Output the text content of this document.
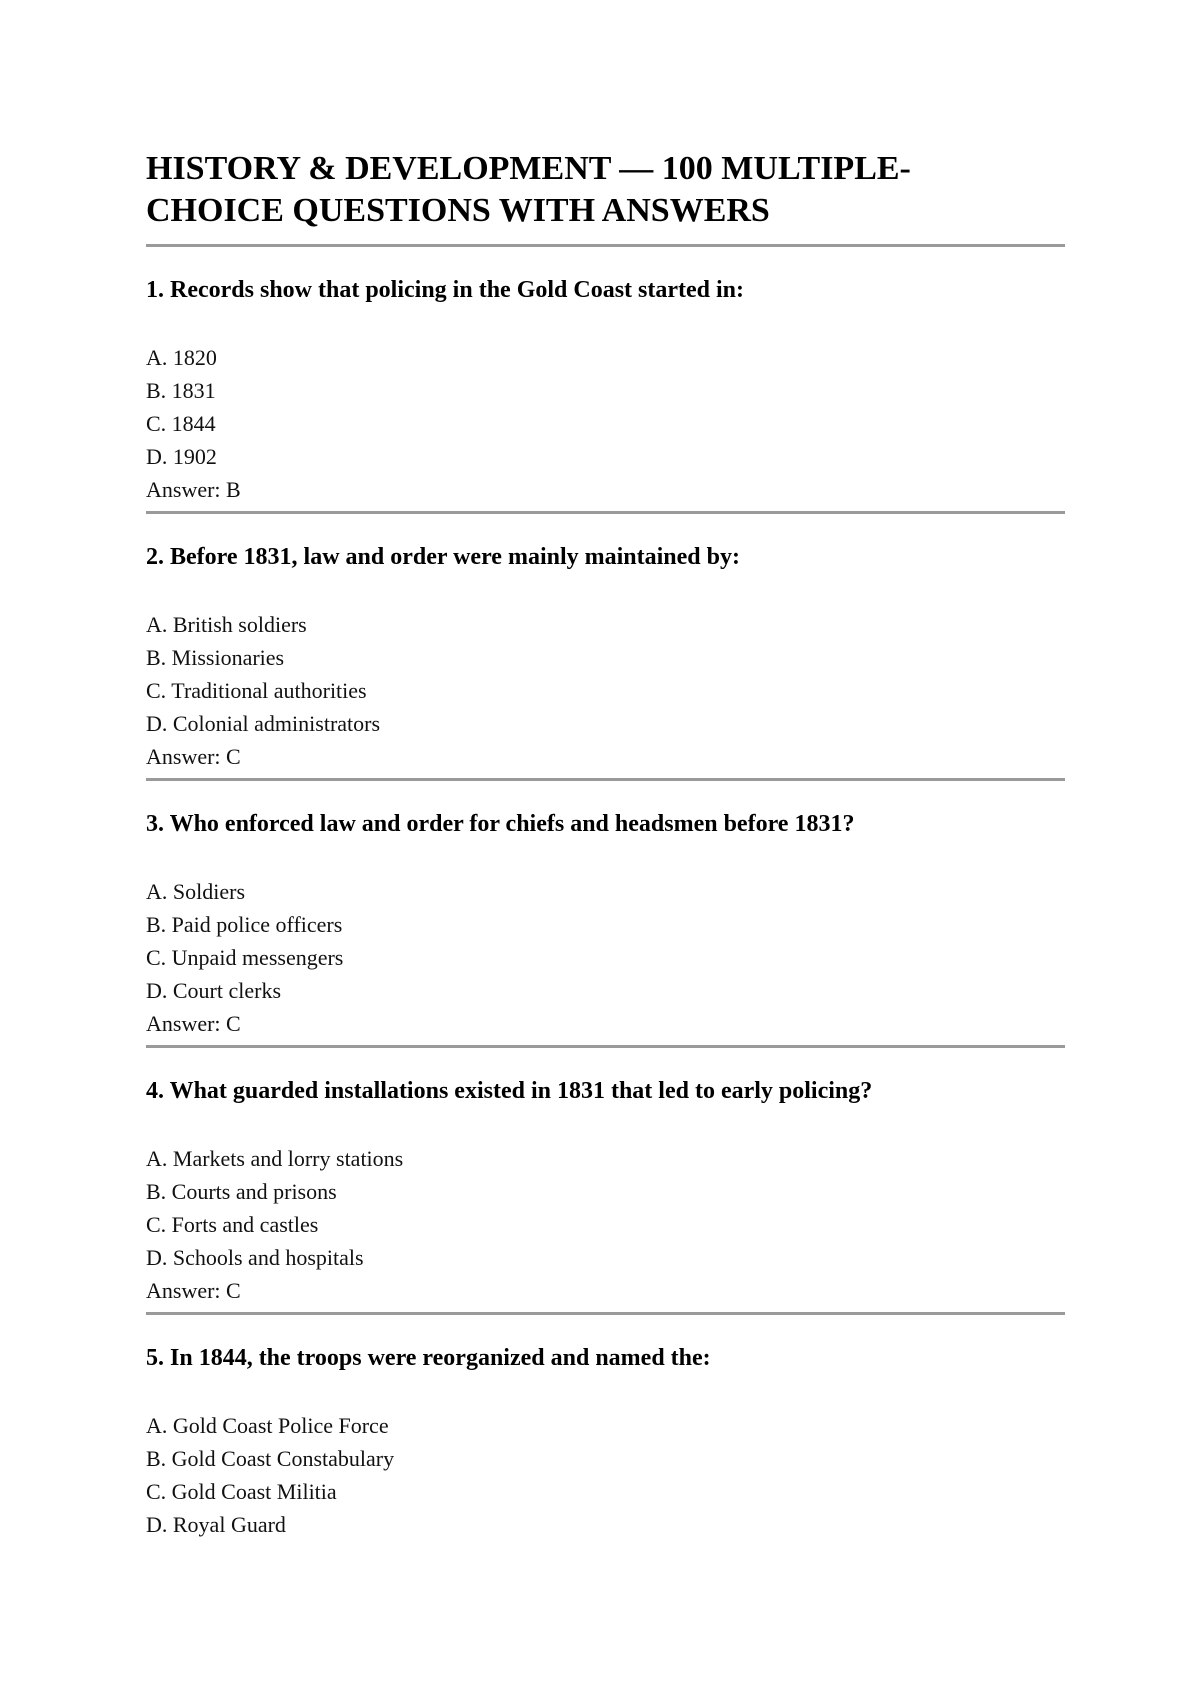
HISTORY & DEVELOPMENT — 100 MULTIPLE-
CHOICE QUESTIONS WITH ANSWERS

1. Records show that policing in the Gold Coast started in:

A. 1820
B. 1831
C. 1844
D. 1902

Answer: B

2. Before 1831, law and order were mainly maintained by:

A. British soldiers
B. Missionaries
C. Traditional authorities
D. Colonial administrators

Answer: C

3. Who enforced law and order for chiefs and headsmen before 1831?

A. Soldiers
B. Paid police officers
C. Unpaid messengers
D. Court clerks

Answer: C

4. What guarded installations existed in 1831 that led to early policing?

A. Markets and lorry stations
B. Courts and prisons
C. Forts and castles
D. Schools and hospitals

Answer: C

5. In 1844, the troops were reorganized and named the:

A. Gold Coast Police Force
B. Gold Coast Constabulary
C. Gold Coast Militia
D. Royal Guard
